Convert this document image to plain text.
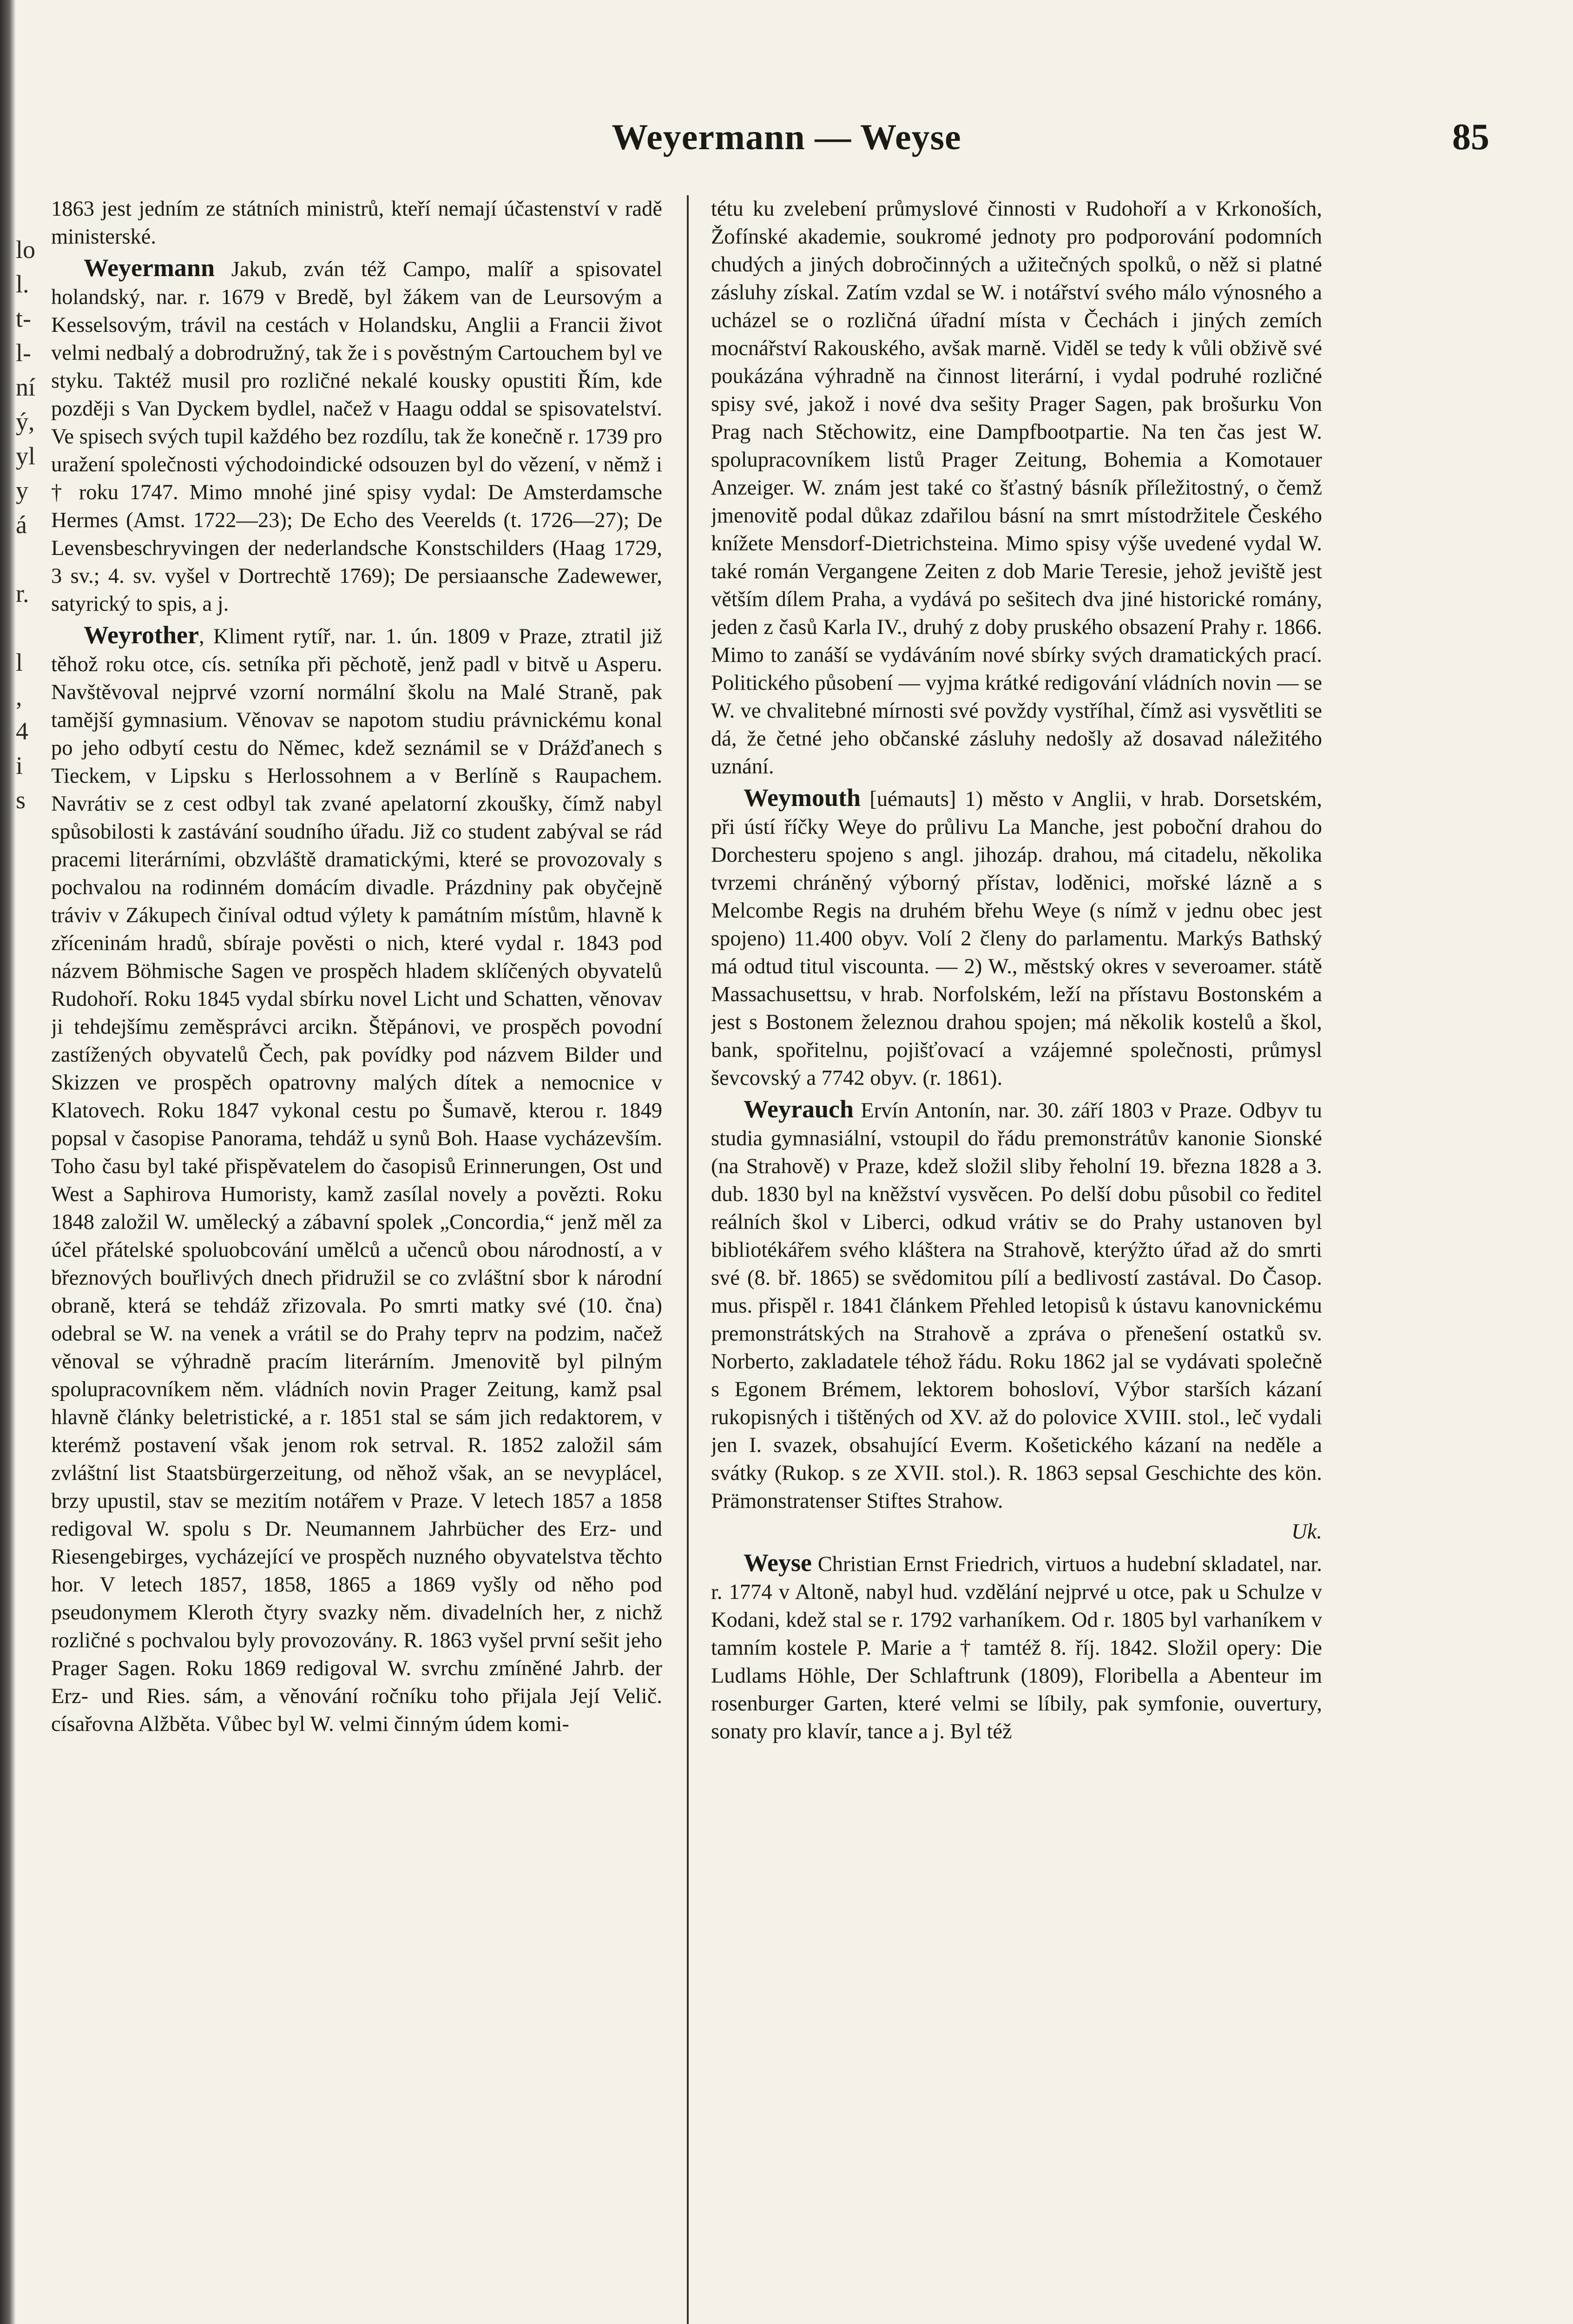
lo
l.
t-
l-
ní
ý,
yl
y
á

r.

l
,
4
i
s
Weyermann — Weyse	85

1863 jest jedním ze státních ministrů, kteří nemají účastenství v radě ministerské.

Weyermann Jakub, zván též Campo, malíř a spisovatel holandský, nar. r. 1679 v Bredě, byl žákem van de Leursovým a Kesselsovým, trávil na cestách v Holandsku, Anglii a Francii život velmi nedbalý a dobrodružný, tak že i s pověstným Cartouchem byl ve styku. Taktéž musil pro rozličné nekalé kousky opustiti Řím, kde později s Van Dyckem bydlel, načež v Haagu oddal se spisovatelství. Ve spisech svých tupil každého bez rozdílu, tak že konečně r. 1739 pro uražení společnosti východoindické odsouzen byl do vězení, v němž i † roku 1747. Mimo mnohé jiné spisy vydal: De Amsterdamsche Hermes (Amst. 1722—23); De Echo des Veerelds (t. 1726—27); De Levensbeschryvingen der nederlandsche Konstschilders (Haag 1729, 3 sv.; 4. sv. vyšel v Dortrechtě 1769); De persiaansche Zadewewer, satyrický to spis, a j.

Weyrother, Kliment rytíř, nar. 1. ún. 1809 v Praze, ztratil již těhož roku otce, cís. setníka při pěchotě, jenž padl v bitvě u Asperu. Navštěvoval nejprvé vzorní normální školu na Malé Straně, pak tamější gymnasium. Věnovav se napotom studiu právnickému konal po jeho odbytí cestu do Němec, kdež seznámil se v Drážďanech s Tieckem, v Lipsku s Herlossohnem a v Berlíně s Raupachem. Navrátiv se z cest odbyl tak zvané apelatorní zkoušky, čímž nabyl spůsobilosti k zastávání soudního úřadu. Již co student zabýval se rád pracemi literárními, obzvláště dramatickými, které se provozovaly s pochvalou na rodinném domácím divadle. Prázdniny pak obyčejně tráviv v Zákupech činíval odtud výlety k památním místům, hlavně k zříceninám hradů, sbíraje pověsti o nich, které vydal r. 1843 pod názvem Böhmische Sagen ve prospěch hladem sklíčených obyvatelů Rudohoří. Roku 1845 vydal sbírku novel Licht und Schatten, věnovav ji tehdejšímu zeměsprávci arcikn. Štěpánovi, ve prospěch povodní zastížených obyvatelů Čech, pak povídky pod názvem Bilder und Skizzen ve prospěch opatrovny malých dítek a nemocnice v Klatovech. Roku 1847 vykonal cestu po Šumavě, kterou r. 1849 popsal v časopise Panorama, tehdáž u synů Boh. Haase vycházevším. Toho času byl také přispěvatelem do časopisů Erinnerungen, Ost und West a Saphirova Humoristy, kamž zasílal novely a povězti. Roku 1848 založil W. umělecký a zábavní spolek „Concordia,“ jenž měl za účel přátelské spoluobcování umělců a učenců obou národností, a v březnových bouřlivých dnech přidružil se co zvláštní sbor k národní obraně, která se tehdáž zřizovala. Po smrti matky své (10. čna) odebral se W. na venek a vrátil se do Prahy teprv na podzim, načež věnoval se výhradně pracím literárním. Jmenovitě byl pilným spolupracovníkem něm. vládních novin Prager Zeitung, kamž psal hlavně články beletristické, a r. 1851 stal se sám jich redaktorem, v kterémž postavení však jenom rok setrval. R. 1852 založil sám zvláštní list Staatsbürgerzeitung, od něhož však, an se nevyplácel, brzy upustil, stav se mezitím notářem v Praze. V letech 1857 a 1858 redigoval W. spolu s Dr. Neumannem Jahrbücher des Erz- und Riesengebirges, vycházející ve prospěch nuzného obyvatelstva těchto hor. V letech 1857, 1858, 1865 a 1869 vyšly od něho pod pseudonymem Kleroth čtyry svazky něm. divadelních her, z nichž rozličné s pochvalou byly provozovány. R. 1863 vyšel první sešit jeho Prager Sagen. Roku 1869 redigoval W. svrchu zmíněné Jahrb. der Erz- und Ries. sám, a věnování ročníku toho přijala Její Velič. císařovna Alžběta. Vůbec byl W. velmi činným údem komi-

tétu ku zvelebení průmyslové činnosti v Rudohoří a v Krkonoších, Žofínské akademie, soukromé jednoty pro podporování podomních chudých a jiných dobročinných a užitečných spolků, o něž si platné zásluhy získal. Zatím vzdal se W. i notářství svého málo výnosného a ucházel se o rozličná úřadní místa v Čechách i jiných zemích mocnářství Rakouského, avšak marně. Viděl se tedy k vůli obživě své poukázána výhradně na činnost literární, i vydal podruhé rozličné spisy své, jakož i nové dva sešity Prager Sagen, pak brošurku Von Prag nach Stěchowitz, eine Dampfbootpartie. Na ten čas jest W. spolupracovníkem listů Prager Zeitung, Bohemia a Komotauer Anzeiger. W. znám jest také co šťastný básník příležitostný, o čemž jmenovitě podal důkaz zdařilou básní na smrt místodržitele Českého knížete Mensdorf-Dietrichsteina. Mimo spisy výše uvedené vydal W. také román Vergangene Zeiten z dob Marie Teresie, jehož jeviště jest větším dílem Praha, a vydává po sešitech dva jiné historické romány, jeden z časů Karla IV., druhý z doby pruského obsazení Prahy r. 1866. Mimo to zanáší se vydáváním nové sbírky svých dramatických prací. Politického působení — vyjma krátké redigování vládních novin — se W. ve chvalitebné mírnosti své povždy vystříhal, čímž asi vysvětliti se dá, že četné jeho občanské zásluhy nedošly až dosavad náležitého uznání.

Weymouth [uémauts] 1) město v Anglii, v hrab. Dorsetském, při ústí říčky Weye do průlivu La Manche, jest poboční drahou do Dorchesteru spojeno s angl. jihozáp. drahou, má citadelu, několika tvrzemi chráněný výborný přístav, loděnici, mořské lázně a s Melcombe Regis na druhém břehu Weye (s nímž v jednu obec jest spojeno) 11.400 obyv. Volí 2 členy do parlamentu. Markýs Bathský má odtud titul viscounta. — 2) W., městský okres v severoamer. státě Massachusettsu, v hrab. Norfolském, leží na přístavu Bostonském a jest s Bostonem železnou drahou spojen; má několik kostelů a škol, bank, spořitelnu, pojišťovací a vzájemné společnosti, průmysl ševcovský a 7742 obyv. (r. 1861).

Weyrauch Ervín Antonín, nar. 30. září 1803 v Praze. Odbyv tu studia gymnasiální, vstoupil do řádu premonstrátův kanonie Sionské (na Strahově) v Praze, kdež složil sliby řeholní 19. března 1828 a 3. dub. 1830 byl na kněžství vysvěcen. Po delší dobu působil co ředitel reálních škol v Liberci, odkud vrátiv se do Prahy ustanoven byl bibliotékářem svého kláštera na Strahově, kterýžto úřad až do smrti své (8. bř. 1865) se svědomitou pílí a bedlivostí zastával. Do Časop. mus. přispěl r. 1841 článkem Přehled letopisů k ústavu kanovnickému premonstrátských na Strahově a zpráva o přenešení ostatků sv. Norberto, zakladatele téhož řádu. Roku 1862 jal se vydávati společně s Egonem Brémem, lektorem bohosloví, Výbor starších kázaní rukopisných i tištěných od XV. až do polovice XVIII. stol., leč vydali jen I. svazek, obsahující Everm. Košetického kázaní na neděle a svátky (Rukop. s ze XVII. stol.). R. 1863 sepsal Geschichte des kön. Prämonstratenser Stiftes Strahow.

Uk.

Weyse Christian Ernst Friedrich, virtuos a hudební skladatel, nar. r. 1774 v Altoně, nabyl hud. vzdělání nejprvé u otce, pak u Schulze v Kodani, kdež stal se r. 1792 varhaníkem. Od r. 1805 byl varhaníkem v tamním kostele P. Marie a † tamtéž 8. říj. 1842. Složil opery: Die Ludlams Höhle, Der Schlaftrunk (1809), Floribella a Abenteur im rosenburger Garten, které velmi se líbily, pak symfonie, ouvertury, sonaty pro klavír, tance a j. Byl též
